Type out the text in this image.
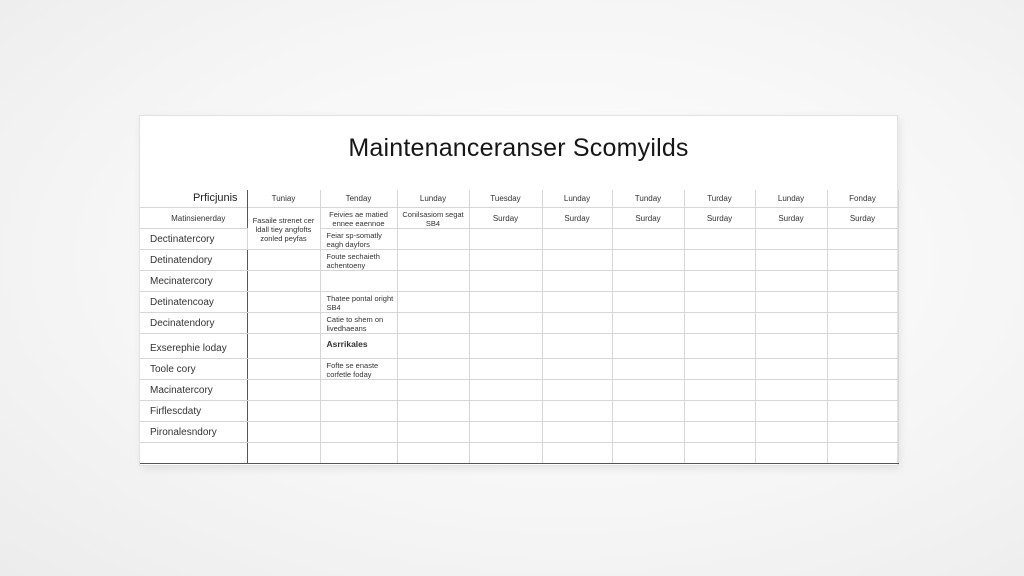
Maintenanceranser Scomyilds
Prficjunis	Tuniay	Tenday	Lunday	Tuesday	Lunday	Tunday	Turday	Lunday	Fonday
Matinsienerday	Fasaile strenet cer ldall tiey angfofts zonled peyfas	Feivies ae matied ennee eaennoe	Conilsasiom segat SB4	Surday	Surday	Surday	Surday	Surday	Surday
Dectinatercory		Feiar sp-somatly eagh dayfors							

Detinatendory		Foute sechaieth achentoeny							

Mecinatercory									
Detinatencoay		Thatee pontal oright SB4							

Decinatendory		Catie to shem on livedhaeans							

Exserephie loday		Asrrikales							

Toole cory		Fofte se enaste corfetle foday							

Macinatercory									
Firflescdaty									
Pironalesndory									
